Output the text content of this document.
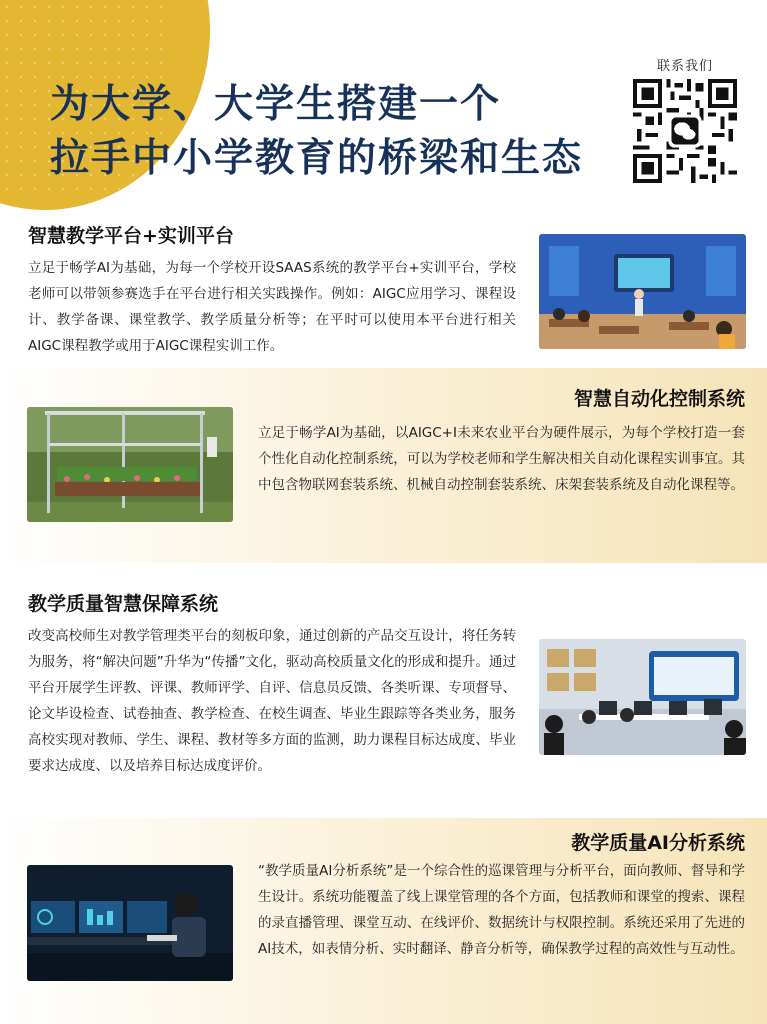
为大学、大学生搭建一个
拉手中小学教育的桥梁和生态
联系我们
智慧教学平台+实训平台

立足于畅学AI为基础，为每一个学校开设SAAS系统的教学平台+实训平台，学校老师可以带领参赛选手在平台进行相关实践操作。例如：AIGC应用学习、课程设计、教学备课、课堂教学、教学质量分析等；在平时可以使用本平台进行相关AIGC课程教学或用于AIGC课程实训工作。

智慧自动化控制系统

立足于畅学AI为基础，以AIGC+I未来农业平台为硬件展示，为每个学校打造一套个性化自动化控制系统，可以为学校老师和学生解决相关自动化课程实训事宜。其中包含物联网套装系统、机械自动控制套装系统、床架套装系统及自动化课程等。

教学质量智慧保障系统

改变高校师生对教学管理类平台的刻板印象，通过创新的产品交互设计，将任务转为服务，将“解决问题”升华为“传播”文化，驱动高校质量文化的形成和提升。通过平台开展学生评教、评课、教师评学、自评、信息员反馈、各类听课、专项督导、论文毕设检查、试卷抽查、教学检查、在校生调查、毕业生跟踪等各类业务，服务高校实现对教师、学生、课程、教材等多方面的监测，助力课程目标达成度、毕业要求达成度、以及培养目标达成度评价。

教学质量AI分析系统

“教学质量AI分析系统”是一个综合性的巡课管理与分析平台，面向教师、督导和学生设计。系统功能覆盖了线上课堂管理的各个方面，包括教师和课堂的搜索、课程的录直播管理、课堂互动、在线评价、数据统计与权限控制。系统还采用了先进的AI技术，如表情分析、实时翻译、静音分析等，确保教学过程的高效性与互动性。
